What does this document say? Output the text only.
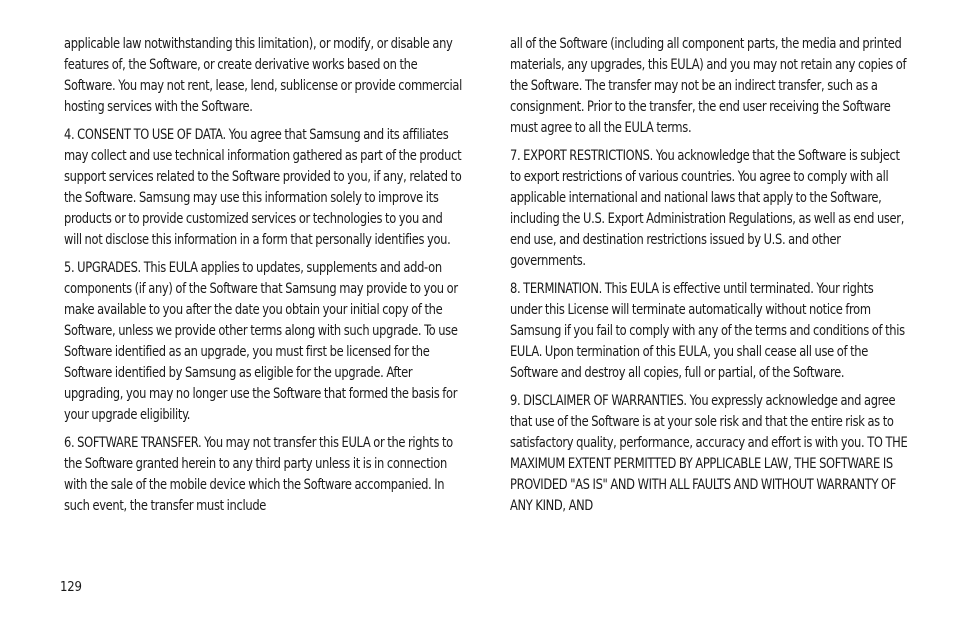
applicable law notwithstanding this limitation), or modify, or disable any features of, the Software, or create derivative works based on the Software. You may not rent, lease, lend, sublicense or provide commercial hosting services with the Software.

4. CONSENT TO USE OF DATA. You agree that Samsung and its affiliates may collect and use technical information gathered as part of the product support services related to the Software provided to you, if any, related to the Software. Samsung may use this information solely to improve its products or to provide customized services or technologies to you and will not disclose this information in a form that personally identifies you.

5. UPGRADES. This EULA applies to updates, supplements and add-on components (if any) of the Software that Samsung may provide to you or make available to you after the date you obtain your initial copy of the Software, unless we provide other terms along with such upgrade. To use Software identified as an upgrade, you must first be licensed for the Software identified by Samsung as eligible for the upgrade. After upgrading, you may no longer use the Software that formed the basis for your upgrade eligibility.

6. SOFTWARE TRANSFER. You may not transfer this EULA or the rights to the Software granted herein to any third party unless it is in connection with the sale of the mobile device which the Software accompanied. In such event, the transfer must include

all of the Software (including all component parts, the media and printed materials, any upgrades, this EULA) and you may not retain any copies of the Software. The transfer may not be an indirect transfer, such as a consignment. Prior to the transfer, the end user receiving the Software must agree to all the EULA terms.

7. EXPORT RESTRICTIONS. You acknowledge that the Software is subject to export restrictions of various countries. You agree to comply with all applicable international and national laws that apply to the Software, including the U.S. Export Administration Regulations, as well as end user, end use, and destination restrictions issued by U.S. and other governments.

8. TERMINATION. This EULA is effective until terminated. Your rights under this License will terminate automatically without notice from Samsung if you fail to comply with any of the terms and conditions of this EULA. Upon termination of this EULA, you shall cease all use of the Software and destroy all copies, full or partial, of the Software.

9. DISCLAIMER OF WARRANTIES. You expressly acknowledge and agree that use of the Software is at your sole risk and that the entire risk as to satisfactory quality, performance, accuracy and effort is with you. TO THE MAXIMUM EXTENT PERMITTED BY APPLICABLE LAW, THE SOFTWARE IS PROVIDED "AS IS" AND WITH ALL FAULTS AND WITHOUT WARRANTY OF ANY KIND, AND

129
